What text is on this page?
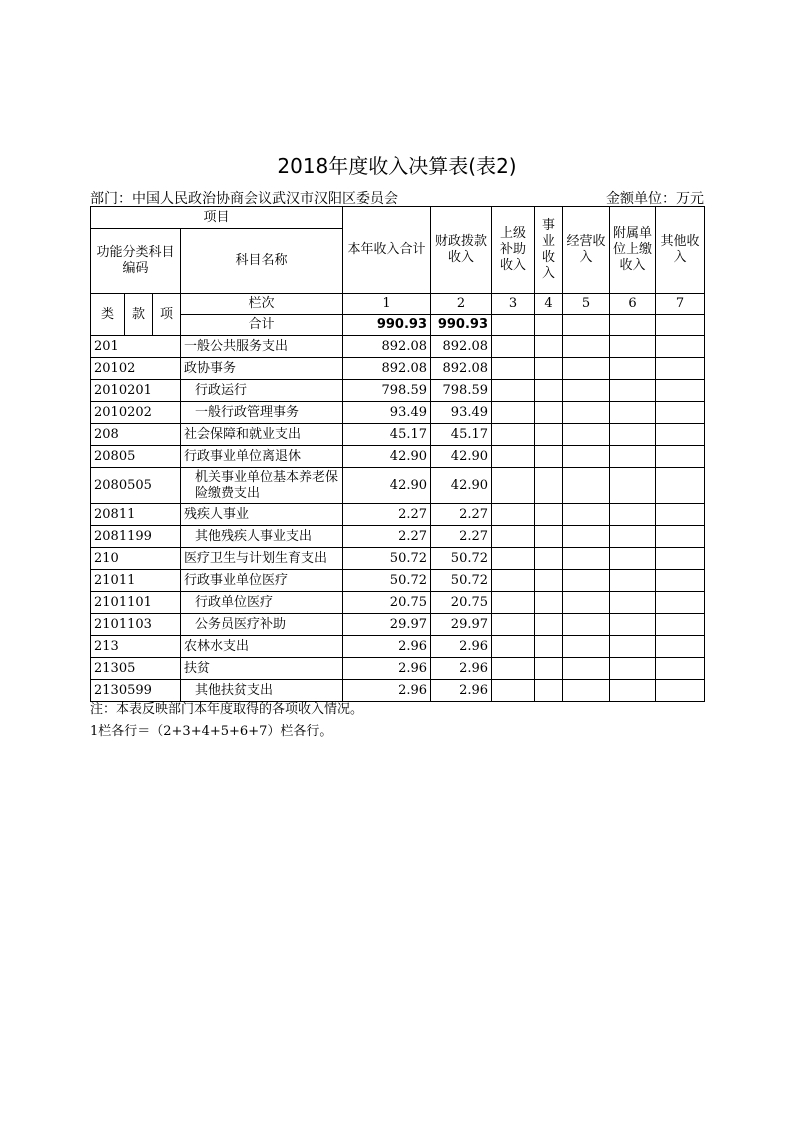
2018年度收入决算表(表2)
部门：中国人民政治协商会议武汉市汉阳区委员会	金额单位：万元
项目				本年收入合计	财政拨款收入	上级补助收入	事业收入	经营收入	附属单位上缴收入	其他收入
功能分类科目编码			科目名称							
类	款	项	栏次	1	2	3	4	5	6	7
			合计	990.93	990.93					
201			一般公共服务支出	892.08	892.08					
20102			政协事务	892.08	892.08					
2010201			行政运行	798.59	798.59					
2010202			一般行政管理事务	93.49	93.49					
208			社会保障和就业支出	45.17	45.17					
20805			行政事业单位离退休	42.90	42.90					
2080505			机关事业单位基本养老保险缴费支出	42.90	42.90					
20811			残疾人事业	2.27	2.27					
2081199			其他残疾人事业支出	2.27	2.27					
210			医疗卫生与计划生育支出	50.72	50.72					
21011			行政事业单位医疗	50.72	50.72					
2101101			行政单位医疗	20.75	20.75					
2101103			公务员医疗补助	29.97	29.97					
213			农林水支出	2.96	2.96					
21305			扶贫	2.96	2.96					
2130599			其他扶贫支出	2.96	2.96					
注：本表反映部门本年度取得的各项收入情况。
1栏各行＝（2+3+4+5+6+7）栏各行。
